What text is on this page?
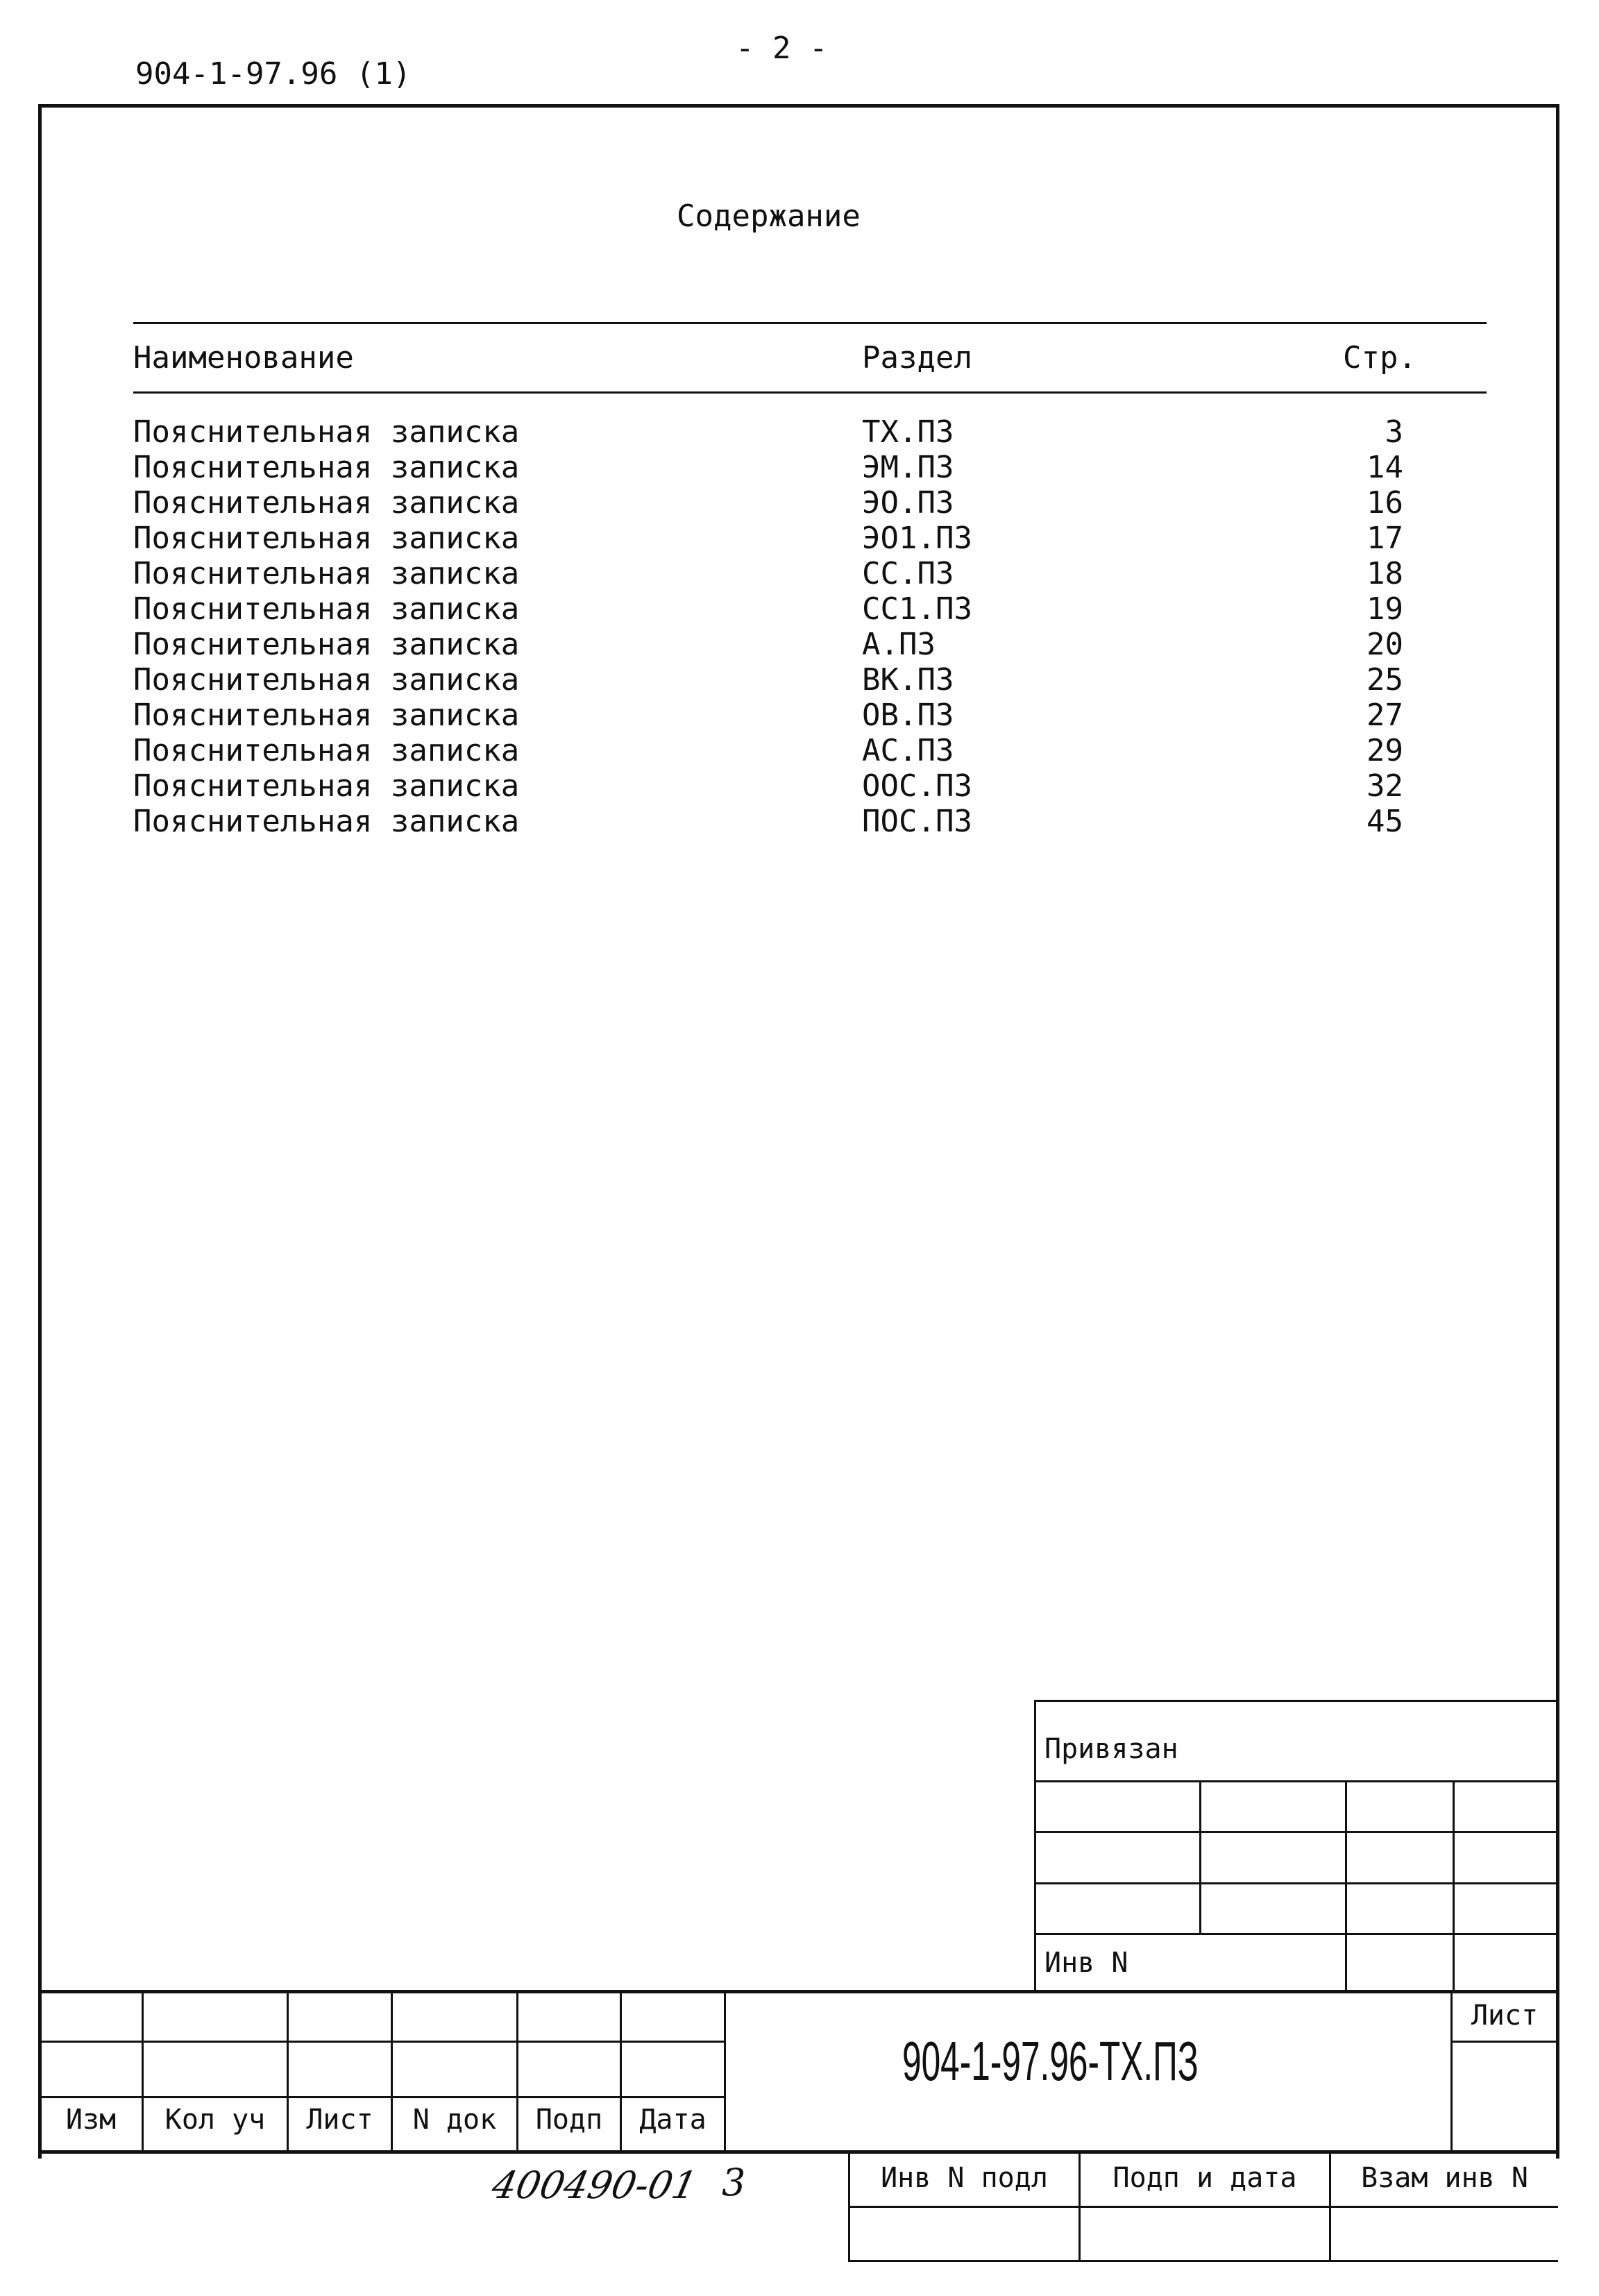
904-1-97.96 (1)
- 2 -
Содержание
Наименование	Раздел	Стр.
Пояснительная записка	ТХ.ПЗ	3
Пояснительная записка	ЭМ.ПЗ	14
Пояснительная записка	ЭО.ПЗ	16
Пояснительная записка	ЭО1.ПЗ	17
Пояснительная записка	СС.ПЗ	18
Пояснительная записка	СС1.ПЗ	19
Пояснительная записка	А.ПЗ	20
Пояснительная записка	ВК.ПЗ	25
Пояснительная записка	ОВ.ПЗ	27
Пояснительная записка	АС.ПЗ	29
Пояснительная записка	ООС.ПЗ	32
Пояснительная записка	ПОС.ПЗ	45
Привязан
Инв N
Изм	Кол уч	Лист	N док	Подп	Дата
Лист
904-1-97.96-ТХ.ПЗ
400490-01 3	Инв N подл	Подп и дата	Взам инв N
